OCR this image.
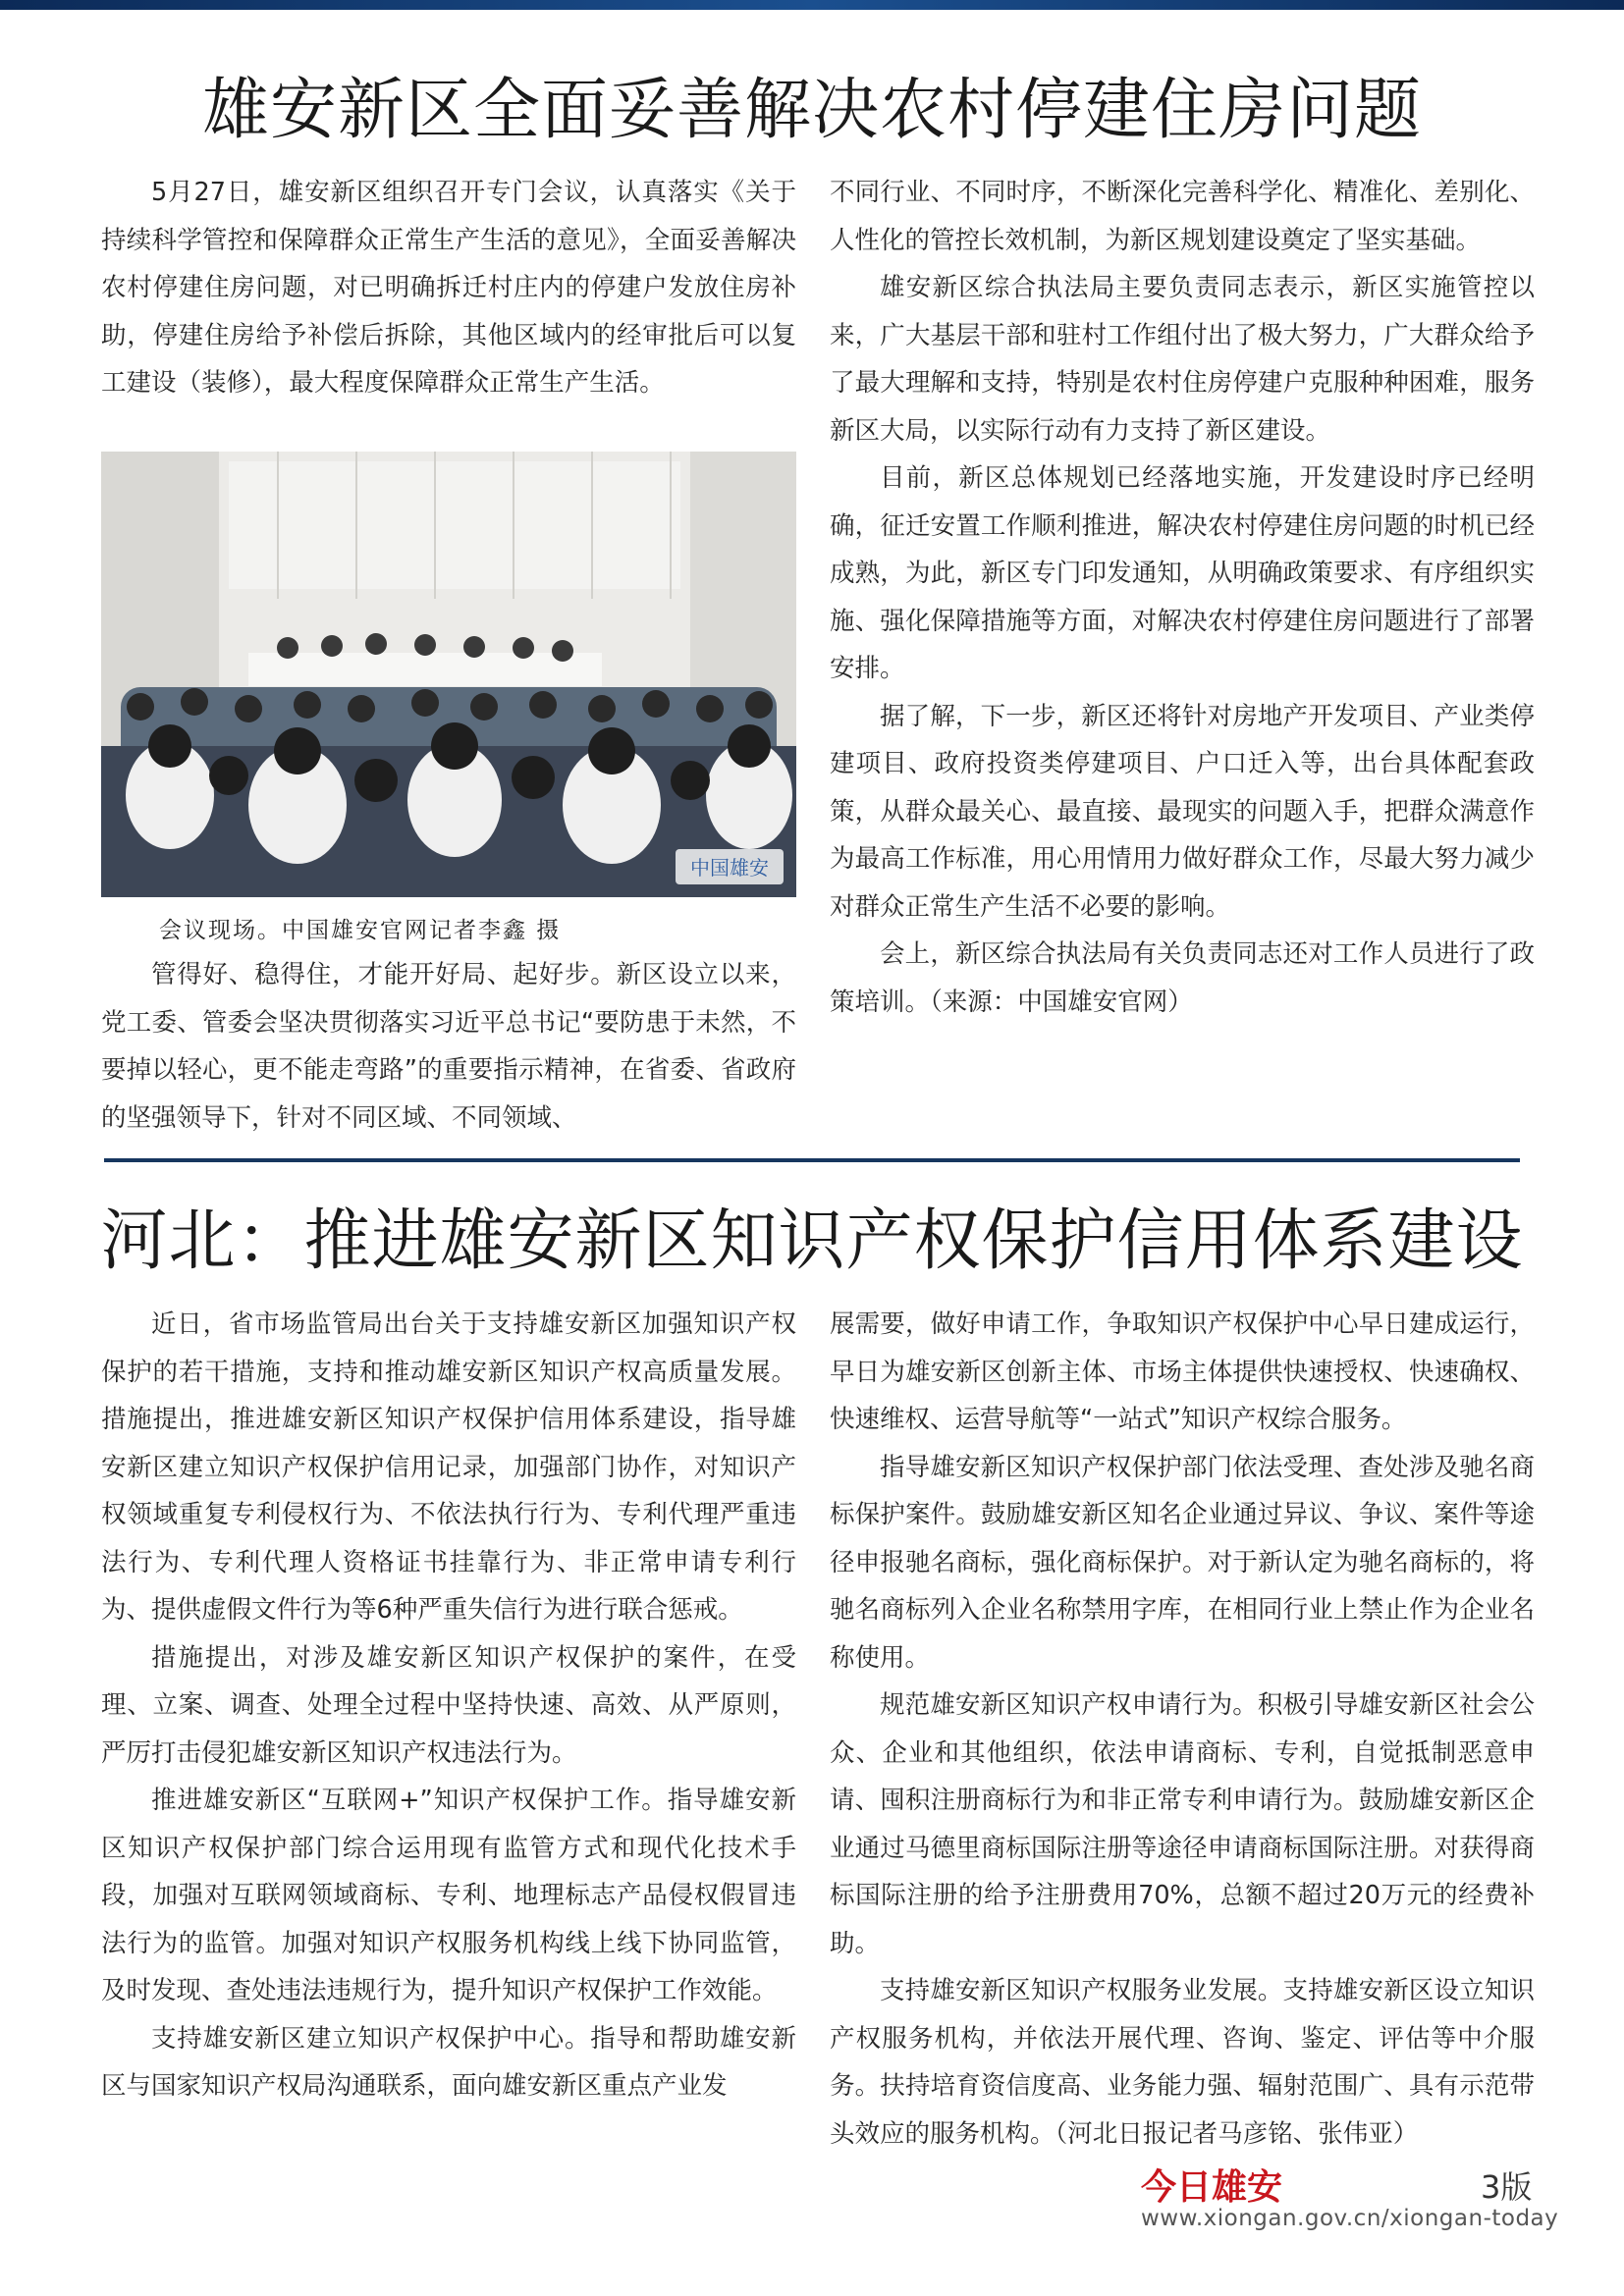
雄安新区全面妥善解决农村停建住房问题

5月27日，雄安新区组织召开专门会议，认真落实《关于持续科学管控和保障群众正常生产生活的意见》，全面妥善解决农村停建住房问题，对已明确拆迁村庄内的停建户发放住房补助，停建住房给予补偿后拆除，其他区域内的经审批后可以复工建设（装修），最大程度保障群众正常生产生活。

中国雄安
会议现场。中国雄安官网记者李鑫 摄

管得好、稳得住，才能开好局、起好步。新区设立以来，党工委、管委会坚决贯彻落实习近平总书记“要防患于未然，不要掉以轻心，更不能走弯路”的重要指示精神，在省委、省政府的坚强领导下，针对不同区域、不同领域、

不同行业、不同时序，不断深化完善科学化、精准化、差别化、人性化的管控长效机制，为新区规划建设奠定了坚实基础。

雄安新区综合执法局主要负责同志表示，新区实施管控以来，广大基层干部和驻村工作组付出了极大努力，广大群众给予了最大理解和支持，特别是农村住房停建户克服种种困难，服务新区大局，以实际行动有力支持了新区建设。

目前，新区总体规划已经落地实施，开发建设时序已经明确，征迁安置工作顺利推进，解决农村停建住房问题的时机已经成熟，为此，新区专门印发通知，从明确政策要求、有序组织实施、强化保障措施等方面，对解决农村停建住房问题进行了部署安排。

据了解，下一步，新区还将针对房地产开发项目、产业类停建项目、政府投资类停建项目、户口迁入等，出台具体配套政策，从群众最关心、最直接、最现实的问题入手，把群众满意作为最高工作标准，用心用情用力做好群众工作，尽最大努力减少对群众正常生产生活不必要的影响。

会上，新区综合执法局有关负责同志还对工作人员进行了政策培训。（来源：中国雄安官网）

河北：推进雄安新区知识产权保护信用体系建设

近日，省市场监管局出台关于支持雄安新区加强知识产权保护的若干措施，支持和推动雄安新区知识产权高质量发展。措施提出，推进雄安新区知识产权保护信用体系建设，指导雄安新区建立知识产权保护信用记录，加强部门协作，对知识产权领域重复专利侵权行为、不依法执行行为、专利代理严重违法行为、专利代理人资格证书挂靠行为、非正常申请专利行为、提供虚假文件行为等6种严重失信行为进行联合惩戒。

措施提出，对涉及雄安新区知识产权保护的案件，在受理、立案、调查、处理全过程中坚持快速、高效、从严原则，严厉打击侵犯雄安新区知识产权违法行为。

推进雄安新区“互联网+”知识产权保护工作。指导雄安新区知识产权保护部门综合运用现有监管方式和现代化技术手段，加强对互联网领域商标、专利、地理标志产品侵权假冒违法行为的监管。加强对知识产权服务机构线上线下协同监管，及时发现、查处违法违规行为，提升知识产权保护工作效能。

支持雄安新区建立知识产权保护中心。指导和帮助雄安新区与国家知识产权局沟通联系，面向雄安新区重点产业发

展需要，做好申请工作，争取知识产权保护中心早日建成运行，早日为雄安新区创新主体、市场主体提供快速授权、快速确权、快速维权、运营导航等“一站式”知识产权综合服务。

指导雄安新区知识产权保护部门依法受理、查处涉及驰名商标保护案件。鼓励雄安新区知名企业通过异议、争议、案件等途径申报驰名商标，强化商标保护。对于新认定为驰名商标的，将驰名商标列入企业名称禁用字库，在相同行业上禁止作为企业名称使用。

规范雄安新区知识产权申请行为。积极引导雄安新区社会公众、企业和其他组织，依法申请商标、专利，自觉抵制恶意申请、囤积注册商标行为和非正常专利申请行为。鼓励雄安新区企业通过马德里商标国际注册等途径申请商标国际注册。对获得商标国际注册的给予注册费用70%，总额不超过20万元的经费补助。

支持雄安新区知识产权服务业发展。支持雄安新区设立知识产权服务机构，并依法开展代理、咨询、鉴定、评估等中介服务。扶持培育资信度高、业务能力强、辐射范围广、具有示范带头效应的服务机构。（河北日报记者马彦铭、张伟亚）

今日雄安	3版
www.xiongan.gov.cn/xiongan-today
